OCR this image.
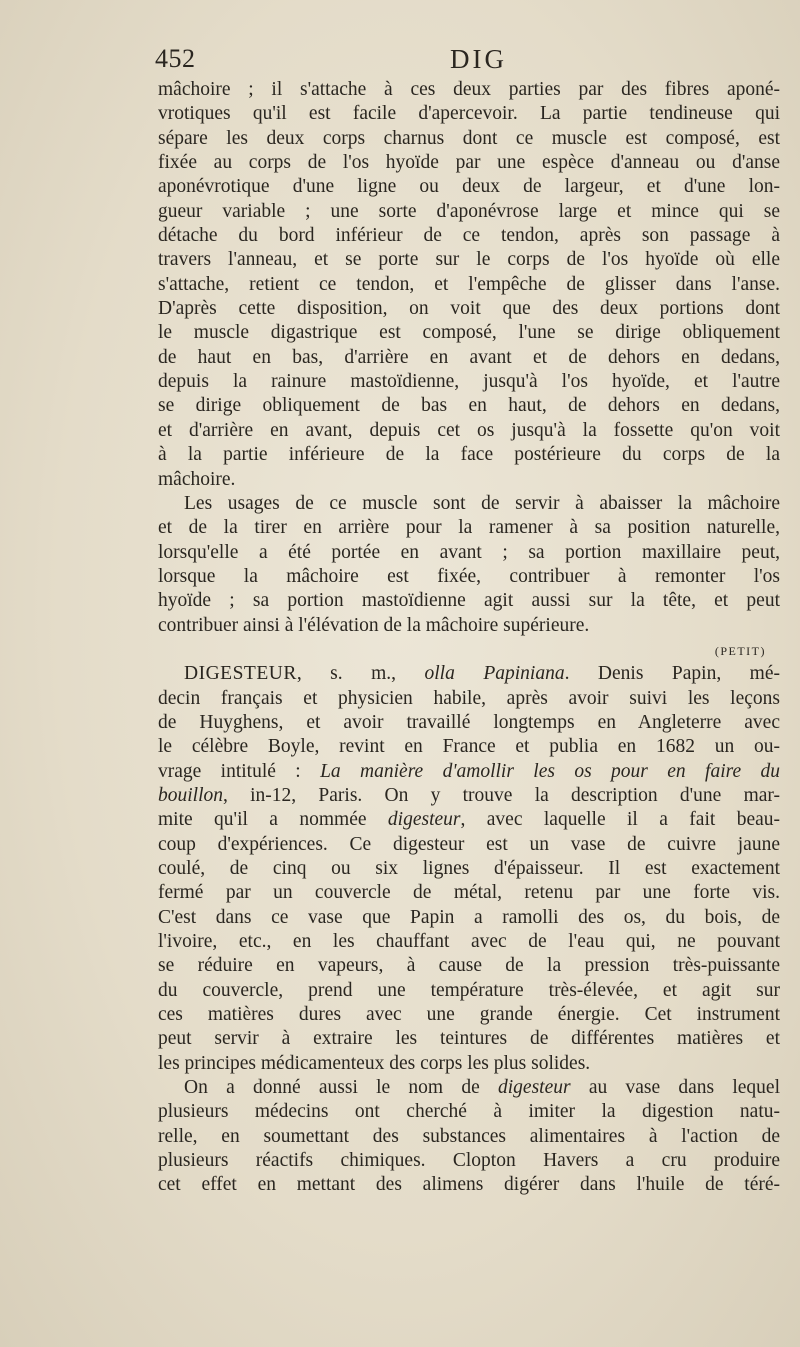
452	DIG
mâchoire ; il s'attache à ces deux parties par des fibres aponé-
vrotiques qu'il est facile d'apercevoir. La partie tendineuse qui
sépare les deux corps charnus dont ce muscle est composé, est
fixée au corps de l'os hyoïde par une espèce d'anneau ou d'anse
aponévrotique d'une ligne ou deux de largeur, et d'une lon-
gueur variable ; une sorte d'aponévrose large et mince qui se
détache du bord inférieur de ce tendon, après son passage à
travers l'anneau, et se porte sur le corps de l'os hyoïde où elle
s'attache, retient ce tendon, et l'empêche de glisser dans l'anse.
D'après cette disposition, on voit que des deux portions dont
le muscle digastrique est composé, l'une se dirige obliquement
de haut en bas, d'arrière en avant et de dehors en dedans,
depuis la rainure mastoïdienne, jusqu'à l'os hyoïde, et l'autre
se dirige obliquement de bas en haut, de dehors en dedans,
et d'arrière en avant, depuis cet os jusqu'à la fossette qu'on voit
à la partie inférieure de la face postérieure du corps de la
mâchoire.
Les usages de ce muscle sont de servir à abaisser la mâchoire
et de la tirer en arrière pour la ramener à sa position naturelle,
lorsqu'elle a été portée en avant ; sa portion maxillaire peut,
lorsque la mâchoire est fixée, contribuer à remonter l'os
hyoïde ; sa portion mastoïdienne agit aussi sur la tête, et peut
contribuer ainsi à l'élévation de la mâchoire supérieure.
(PETIT)
DIGESTEUR, s. m., olla Papiniana. Denis Papin, mé-
decin français et physicien habile, après avoir suivi les leçons
de Huyghens, et avoir travaillé longtemps en Angleterre avec
le célèbre Boyle, revint en France et publia en 1682 un ou-
vrage intitulé : La manière d'amollir les os pour en faire du
bouillon, in-12, Paris. On y trouve la description d'une mar-
mite qu'il a nommée digesteur, avec laquelle il a fait beau-
coup d'expériences. Ce digesteur est un vase de cuivre jaune
coulé, de cinq ou six lignes d'épaisseur. Il est exactement
fermé par un couvercle de métal, retenu par une forte vis.
C'est dans ce vase que Papin a ramolli des os, du bois, de
l'ivoire, etc., en les chauffant avec de l'eau qui, ne pouvant
se réduire en vapeurs, à cause de la pression très-puissante
du couvercle, prend une température très-élevée, et agit sur
ces matières dures avec une grande énergie. Cet instrument
peut servir à extraire les teintures de différentes matières et
les principes médicamenteux des corps les plus solides.
On a donné aussi le nom de digesteur au vase dans lequel
plusieurs médecins ont cherché à imiter la digestion natu-
relle, en soumettant des substances alimentaires à l'action de
plusieurs réactifs chimiques. Clopton Havers a cru produire
cet effet en mettant des alimens digérer dans l'huile de téré-
